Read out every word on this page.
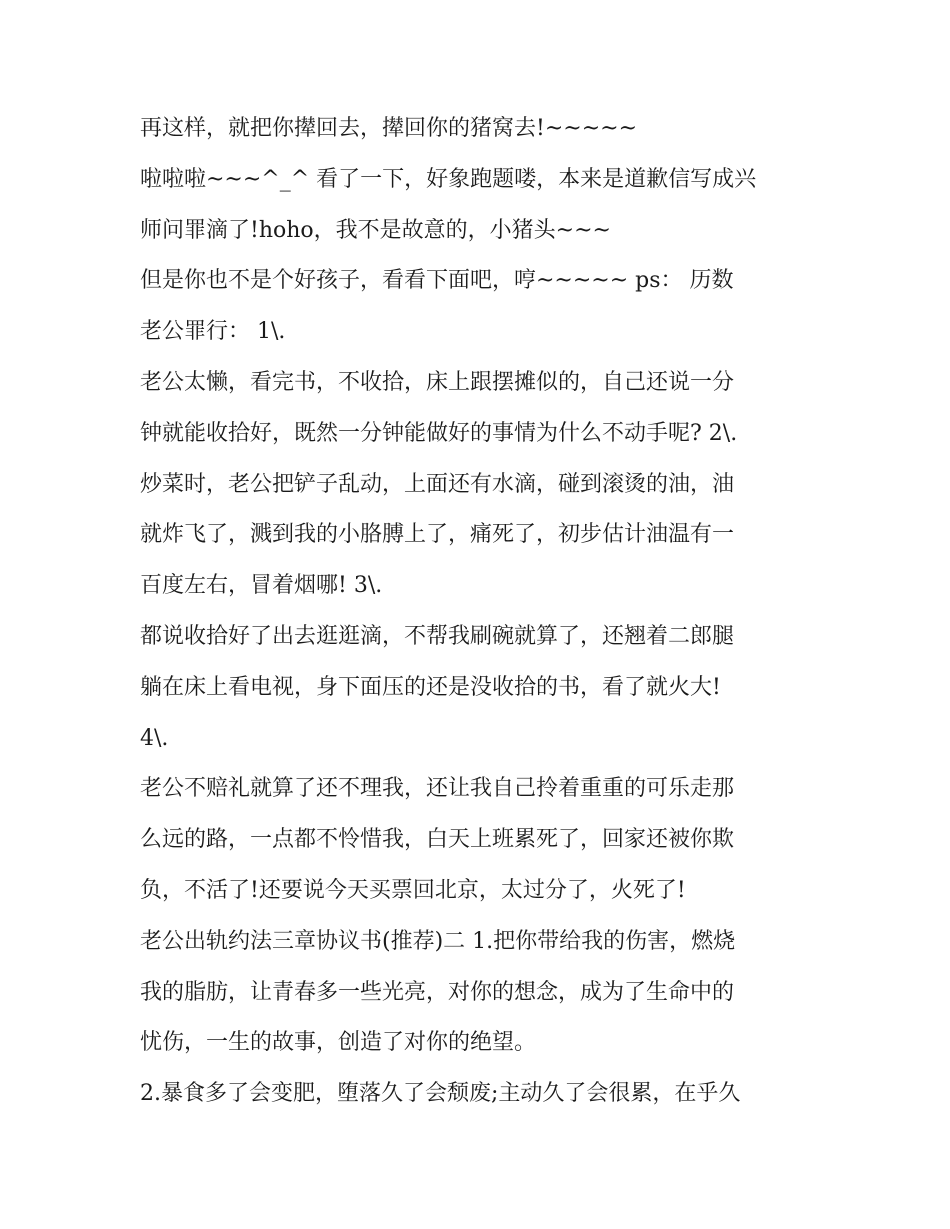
再这样，就把你撵回去，撵回你的猪窝去!~~~~~
啦啦啦~~~^_^ 看了一下，好象跑题喽，本来是道歉信写成兴
师问罪滴了!hoho，我不是故意的，小猪头~~~
但是你也不是个好孩子，看看下面吧，哼~~~~~ ps： 历数
老公罪行： 1\.
老公太懒，看完书，不收拾，床上跟摆摊似的，自己还说一分
钟就能收拾好，既然一分钟能做好的事情为什么不动手呢? 2\.
炒菜时，老公把铲子乱动，上面还有水滴，碰到滚烫的油，油
就炸飞了，溅到我的小胳膊上了，痛死了，初步估计油温有一
百度左右，冒着烟哪! 3\.
都说收拾好了出去逛逛滴，不帮我刷碗就算了，还翘着二郎腿
躺在床上看电视，身下面压的还是没收拾的书，看了就火大!
4\.
老公不赔礼就算了还不理我，还让我自己拎着重重的可乐走那
么远的路，一点都不怜惜我，白天上班累死了，回家还被你欺
负，不活了!还要说今天买票回北京，太过分了，火死了!
老公出轨约法三章协议书(推荐)二 1.把你带给我的伤害，燃烧
我的脂肪，让青春多一些光亮，对你的想念，成为了生命中的
忧伤，一生的故事，创造了对你的绝望。
2.暴食多了会变肥，堕落久了会颓废;主动久了会很累，在乎久
